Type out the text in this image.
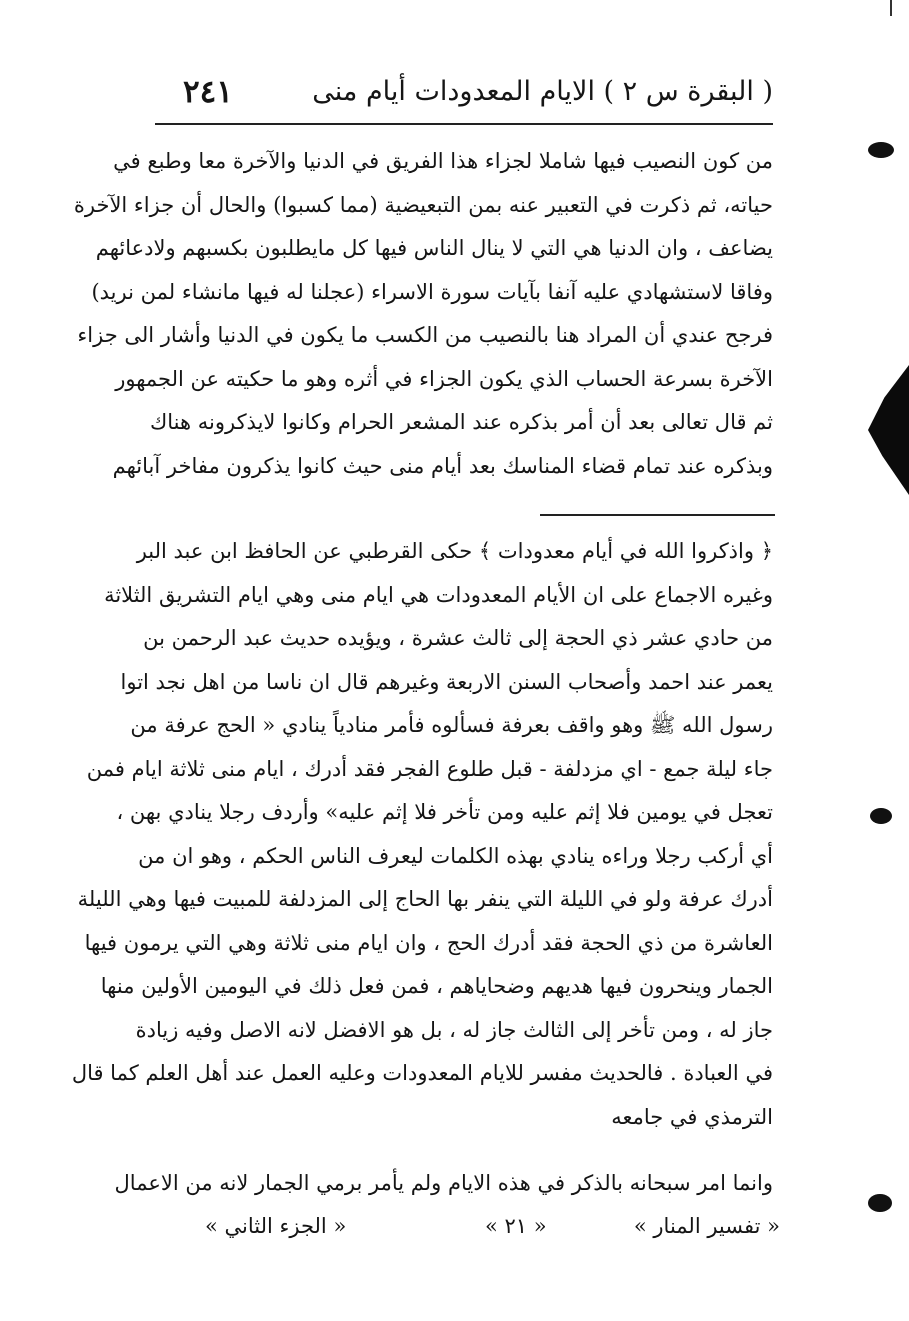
( البقرة س ٢ ) الايام المعدودات أيام منى
٢٤١
من كون النصيب فيها شاملا لجزاء هذا الفريق في الدنيا والآخرة معا وطبع في
حياته، ثم ذكرت في التعبير عنه بمن التبعيضية (مما كسبوا) والحال أن جزاء الآخرة
يضاعف ، وان الدنيا هي التي لا ينال الناس فيها كل مايطلبون بكسبهم ولادعائهم
وفاقا لاستشهادي عليه آنفا بآيات سورة الاسراء (عجلنا له فيها مانشاء لمن نريد)
فرجح عندي أن المراد هنا بالنصيب من الكسب ما يكون في الدنيا وأشار الى جزاء
الآخرة بسرعة الحساب الذي يكون الجزاء في أثره وهو ما حكيته عن الجمهور
ثم قال تعالى بعد أن أمر بذكره عند المشعر الحرام وكانوا لايذكرونه هناك
وبذكره عند تمام قضاء المناسك بعد أيام منى حيث كانوا يذكرون مفاخر آبائهم
﴿ واذكروا الله في أيام معدودات ﴾ حكى القرطبي عن الحافظ ابن عبد البر
وغيره الاجماع على ان الأيام المعدودات هي ايام منى وهي ايام التشريق الثلاثة
من حادي عشر ذي الحجة إلى ثالث عشرة ، ويؤيده حديث عبد الرحمن بن
يعمر عند احمد وأصحاب السنن الاربعة وغيرهم قال ان ناسا من اهل نجد اتوا
رسول الله ﷺ وهو واقف بعرفة فسألوه فأمر منادياً ينادي « الحج عرفة من
جاء ليلة جمع - اي مزدلفة - قبل طلوع الفجر فقد أدرك ، ايام منى ثلاثة ايام فمن
تعجل في يومين فلا إثم عليه ومن تأخر فلا إثم عليه» وأردف رجلا ينادي بهن ،
أي أركب رجلا وراءه ينادي بهذه الكلمات ليعرف الناس الحكم ، وهو ان من
أدرك عرفة ولو في الليلة التي ينفر بها الحاج إلى المزدلفة للمبيت فيها وهي الليلة
العاشرة من ذي الحجة فقد أدرك الحج ، وان ايام منى ثلاثة وهي التي يرمون فيها
الجمار وينحرون فيها هديهم وضحاياهم ، فمن فعل ذلك في اليومين الأولين منها
جاز له ، ومن تأخر إلى الثالث جاز له ، بل هو الافضل لانه الاصل وفيه زيادة
في العبادة . فالحديث مفسر للايام المعدودات وعليه العمل عند أهل العلم كما قال
الترمذي في جامعه
وانما امر سبحانه بالذكر في هذه الايام ولم يأمر برمي الجمار لانه من الاعمال
« تفسير المنار »
« ٢١ »
« الجزء الثاني »
